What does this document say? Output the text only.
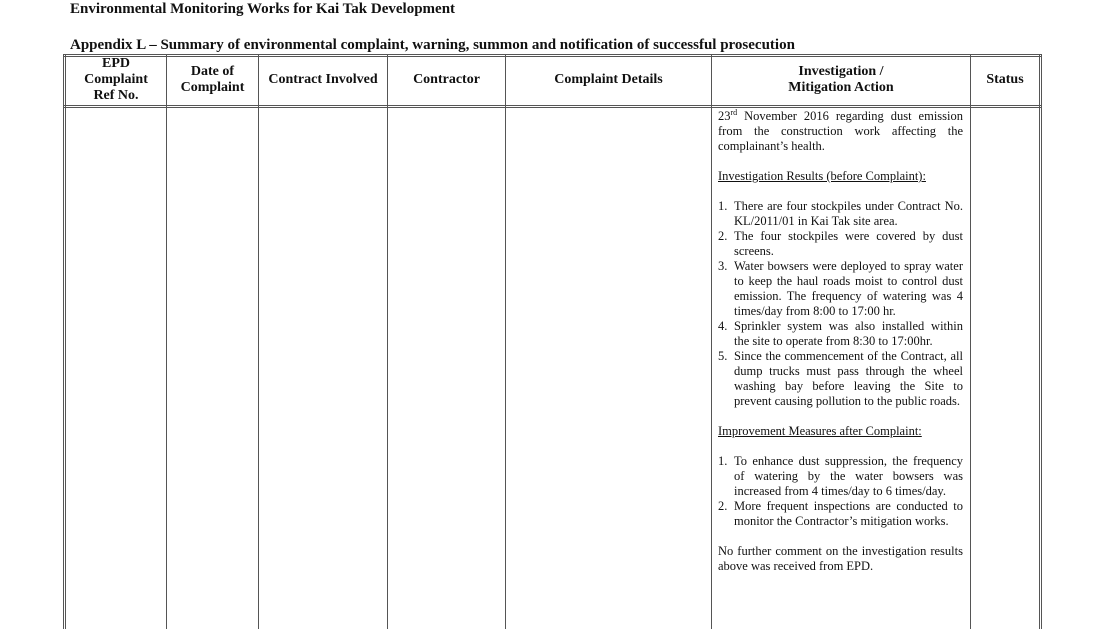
Environmental Monitoring Works for Kai Tak Development
Appendix L – Summary of environmental complaint, warning, summon and notification of successful prosecution
EPD
Complaint
Ref No.
Date of
Complaint
Contract Involved	Contractor	Complaint Details
Investigation /
Mitigation Action
Status

23rd November 2016 regarding dust emission from the construction work affecting the complainant’s health.

Investigation Results (before Complaint):

1. There are four stockpiles under Contract No. KL/2011/01 in Kai Tak site area.
2. The four stockpiles were covered by dust screens.
3. Water bowsers were deployed to spray water to keep the haul roads moist to control dust emission. The frequency of watering was 4 times/day from 8:00 to 17:00 hr.
4. Sprinkler system was also installed within the site to operate from 8:30 to 17:00hr.
5. Since the commencement of the Contract, all dump trucks must pass through the wheel washing bay before leaving the Site to prevent causing pollution to the public roads.

Improvement Measures after Complaint:

1. To enhance dust suppression, the frequency of watering by the water bowsers was increased from 4 times/day to 6 times/day.
2. More frequent inspections are conducted to monitor the Contractor’s mitigation works.

No further comment on the investigation results above was received from EPD.
